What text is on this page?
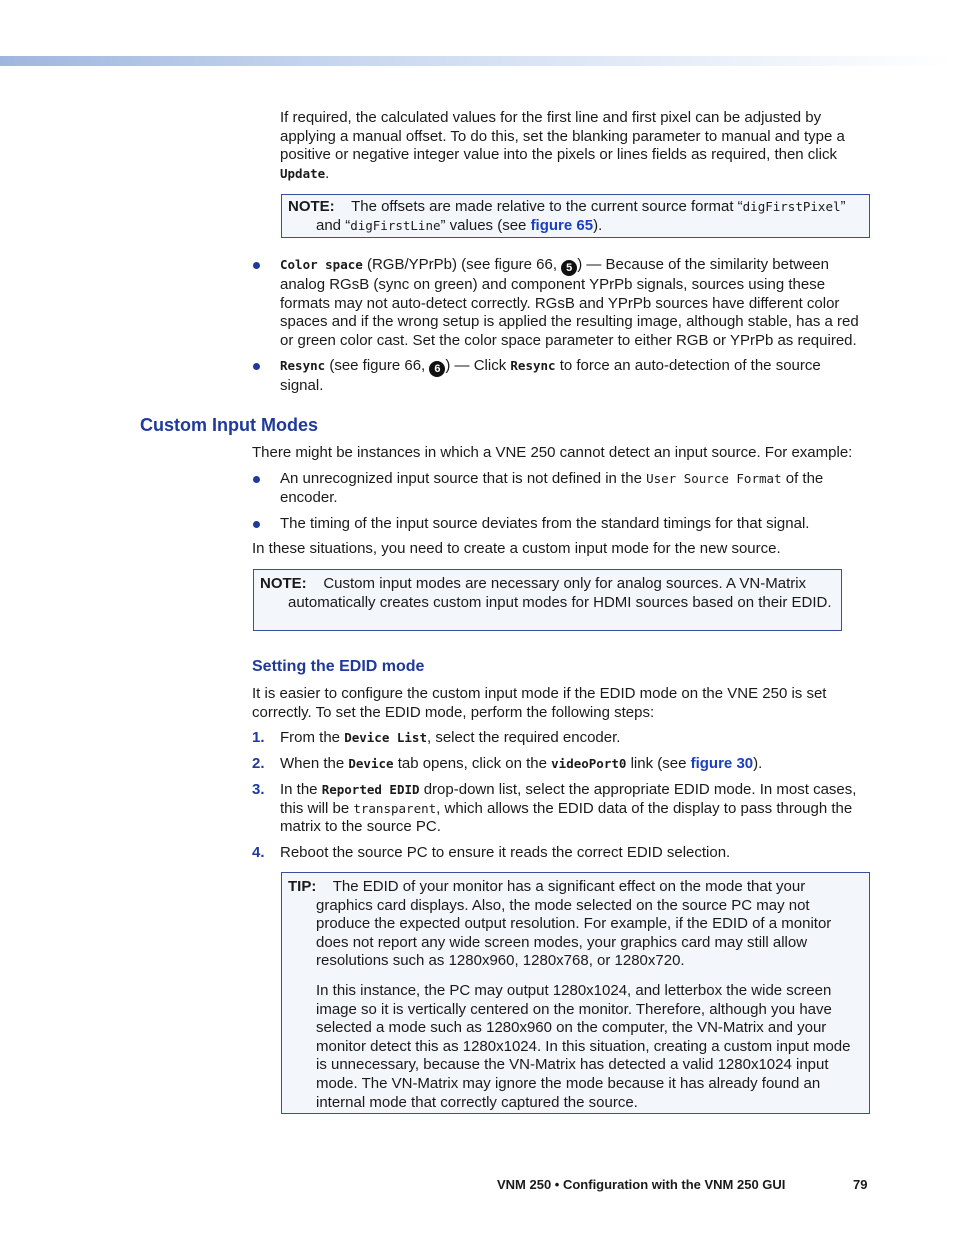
If required, the calculated values for the first line and first pixel can be adjusted by applying a manual offset. To do this, set the blanking parameter to manual and type a positive or negative integer value into the pixels or lines fields as required, then click Update.

NOTE: The offsets are made relative to the current source format “digFirstPixel” and “digFirstLine” values (see figure 65).

Color space (RGB/YPrPb) (see figure 66, 5 ) — Because of the similarity between analog RGsB (sync on green) and component YPrPb signals, sources using these formats may not auto-detect correctly. RGsB and YPrPb sources have different color spaces and if the wrong setup is applied the resulting image, although stable, has a red or green color cast. Set the color space parameter to either RGB or YPrPb as required.

Resync (see figure 66, 6 ) — Click Resync to force an auto-detection of the source signal.

Custom Input Modes

There might be instances in which a VNE 250 cannot detect an input source. For example:

An unrecognized input source that is not defined in the User Source Format of the encoder.

The timing of the input source deviates from the standard timings for that signal.

In these situations, you need to create a custom input mode for the new source.

NOTE: Custom input modes are necessary only for analog sources. A VN-Matrix automatically creates custom input modes for HDMI sources based on their EDID.
Setting the EDID mode

It is easier to configure the custom input mode if the EDID mode on the VNE 250 is set correctly. To set the EDID mode, perform the following steps:

1. From the Device List, select the required encoder.

2. When the Device tab opens, click on the videoPort0 link (see figure 30).

3. In the Reported EDID drop-down list, select the appropriate EDID mode. In most cases, this will be transparent, which allows the EDID data of the display to pass through the matrix to the source PC.

4. Reboot the source PC to ensure it reads the correct EDID selection.

TIP: The EDID of your monitor has a significant effect on the mode that your graphics card displays. Also, the mode selected on the source PC may not produce the expected output resolution. For example, if the EDID of a monitor does not report any wide screen modes, your graphics card may still allow resolutions such as 1280x960, 1280x768, or 1280x720.
In this instance, the PC may output 1280x1024, and letterbox the wide screen image so it is vertically centered on the monitor. Therefore, although you have selected a mode such as 1280x960 on the computer, the VN-Matrix and your monitor detect this as 1280x1024. In this situation, creating a custom input mode is unnecessary, because the VN-Matrix has detected a valid 1280x1024 input mode. The VN-Matrix may ignore the mode because it has already found an internal mode that correctly captured the source.
VNM 250 • Configuration with the VNM 250 GUI	79
